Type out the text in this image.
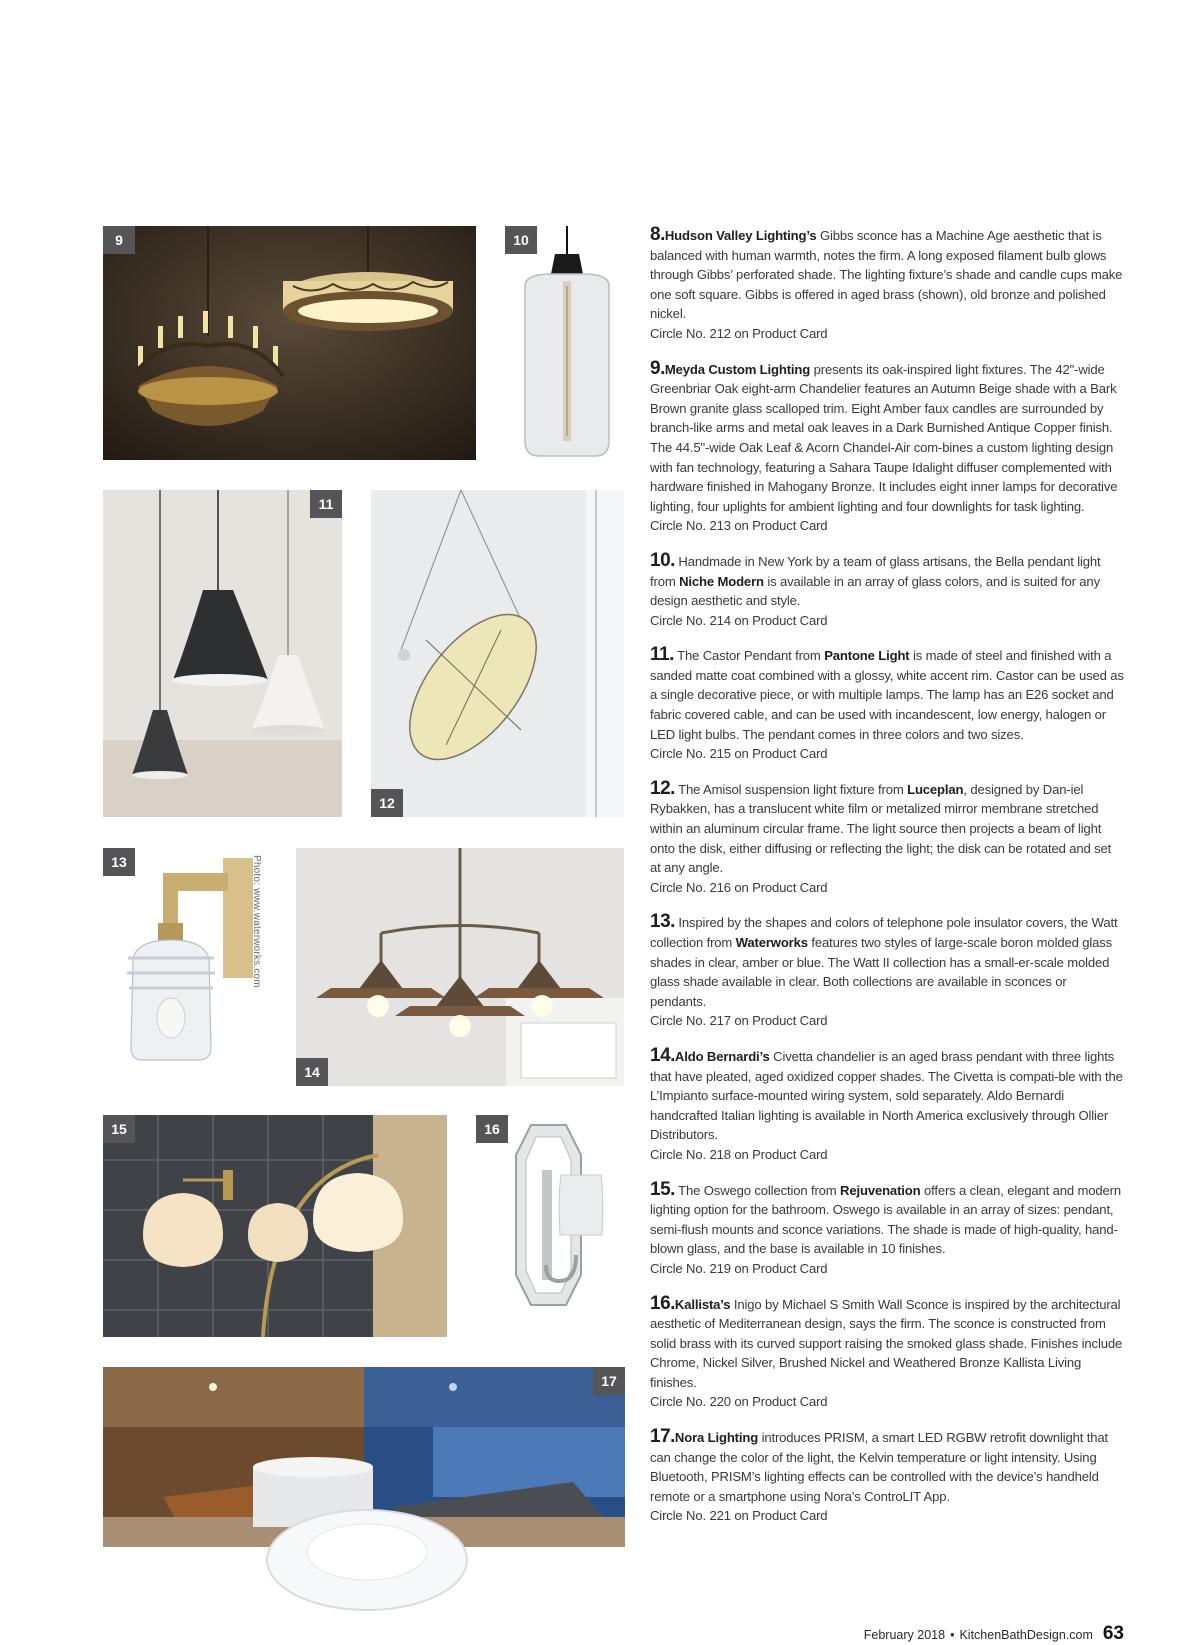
9	10
11
12
13	Photo: www.waterworks.com
14
15	16
17

8.Hudson Valley Lighting’s Gibbs sconce has a Machine Age aesthetic that is balanced with human warmth, notes the firm. A long exposed filament bulb glows through Gibbs’ perforated shade. The lighting fixture’s shade and candle cups make one soft square. Gibbs is offered in aged brass (shown), old bronze and polished nickel.
Circle No. 212 on Product Card

9.Meyda Custom Lighting presents its oak-inspired light fixtures. The 42"-wide Greenbriar Oak eight-arm Chandelier features an Autumn Beige shade with a Bark Brown granite glass scalloped trim. Eight Amber faux candles are surrounded by branch-like arms and metal oak leaves in a Dark Burnished Antique Copper finish. The 44.5"-wide Oak Leaf & Acorn Chandel-Air com-bines a custom lighting design with fan technology, featuring a Sahara Taupe Idalight diffuser complemented with hardware finished in Mahogany Bronze. It includes eight inner lamps for decorative lighting, four uplights for ambient lighting and four downlights for task lighting.
Circle No. 213 on Product Card

10. Handmade in New York by a team of glass artisans, the Bella pendant light from Niche Modern is available in an array of glass colors, and is suited for any design aesthetic and style.
Circle No. 214 on Product Card

11. The Castor Pendant from Pantone Light is made of steel and finished with a sanded matte coat combined with a glossy, white accent rim. Castor can be used as a single decorative piece, or with multiple lamps. The lamp has an E26 socket and fabric covered cable, and can be used with incandescent, low energy, halogen or LED light bulbs. The pendant comes in three colors and two sizes.
Circle No. 215 on Product Card

12. The Amisol suspension light fixture from Luceplan, designed by Dan-iel Rybakken, has a translucent white film or metalized mirror membrane stretched within an aluminum circular frame. The light source then projects a beam of light onto the disk, either diffusing or reflecting the light; the disk can be rotated and set at any angle.
Circle No. 216 on Product Card

13. Inspired by the shapes and colors of telephone pole insulator covers, the Watt collection from Waterworks features two styles of large-scale boron molded glass shades in clear, amber or blue. The Watt II collection has a small-er-scale molded glass shade available in clear. Both collections are available in sconces or pendants.
Circle No. 217 on Product Card

14.Aldo Bernardi’s Civetta chandelier is an aged brass pendant with three lights that have pleated, aged oxidized copper shades. The Civetta is compati-ble with the L’Impianto surface-mounted wiring system, sold separately. Aldo Bernardi handcrafted Italian lighting is available in North America exclusively through Ollier Distributors.
Circle No. 218 on Product Card

15. The Oswego collection from Rejuvenation offers a clean, elegant and modern lighting option for the bathroom. Oswego is available in an array of sizes: pendant, semi-flush mounts and sconce variations. The shade is made of high-quality, hand-blown glass, and the base is available in 10 finishes.
Circle No. 219 on Product Card

16.Kallista’s Inigo by Michael S Smith Wall Sconce is inspired by the architectural aesthetic of Mediterranean design, says the firm. The sconce is constructed from solid brass with its curved support raising the smoked glass shade. Finishes include Chrome, Nickel Silver, Brushed Nickel and Weathered Bronze Kallista Living finishes.
Circle No. 220 on Product Card

17.Nora Lighting introduces PRISM, a smart LED RGBW retrofit downlight that can change the color of the light, the Kelvin temperature or light intensity. Using Bluetooth, PRISM’s lighting effects can be controlled with the device’s handheld remote or a smartphone using Nora’s ControLIT App.
Circle No. 221 on Product Card

February 2018 • KitchenBathDesign.com 63
